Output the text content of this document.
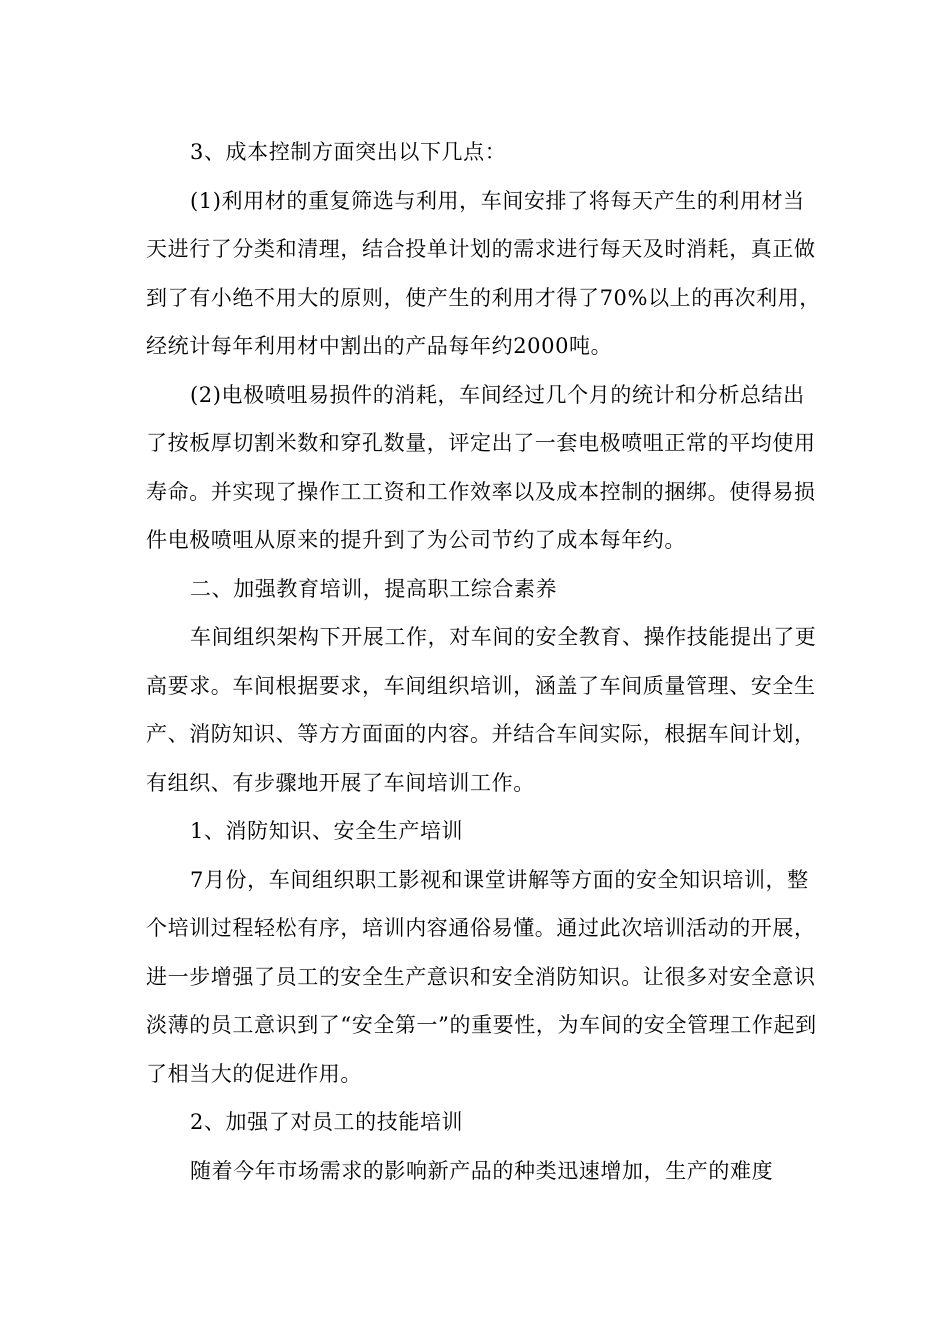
3、成本控制方面突出以下几点：

(1)利用材的重复筛选与利用，车间安排了将每天产生的利用材当天进行了分类和清理，结合投单计划的需求进行每天及时消耗，真正做到了有小绝不用大的原则，使产生的利用才得了70%以上的再次利用，经统计每年利用材中割出的产品每年约2000吨。

(2)电极喷咀易损件的消耗，车间经过几个月的统计和分析总结出了按板厚切割米数和穿孔数量，评定出了一套电极喷咀正常的平均使用寿命。并实现了操作工工资和工作效率以及成本控制的捆绑。使得易损件电极喷咀从原来的提升到了为公司节约了成本每年约。

二、加强教育培训，提高职工综合素养

车间组织架构下开展工作，对车间的安全教育、操作技能提出了更高要求。车间根据要求，车间组织培训，涵盖了车间质量管理、安全生产、消防知识、等方方面面的内容。并结合车间实际，根据车间计划，有组织、有步骤地开展了车间培训工作。

1、消防知识、安全生产培训

7月份，车间组织职工影视和课堂讲解等方面的安全知识培训，整个培训过程轻松有序，培训内容通俗易懂。通过此次培训活动的开展，进一步增强了员工的安全生产意识和安全消防知识。让很多对安全意识淡薄的员工意识到了“安全第一”的重要性，为车间的安全管理工作起到了相当大的促进作用。

2、加强了对员工的技能培训

随着今年市场需求的影响新产品的种类迅速增加，生产的难度
